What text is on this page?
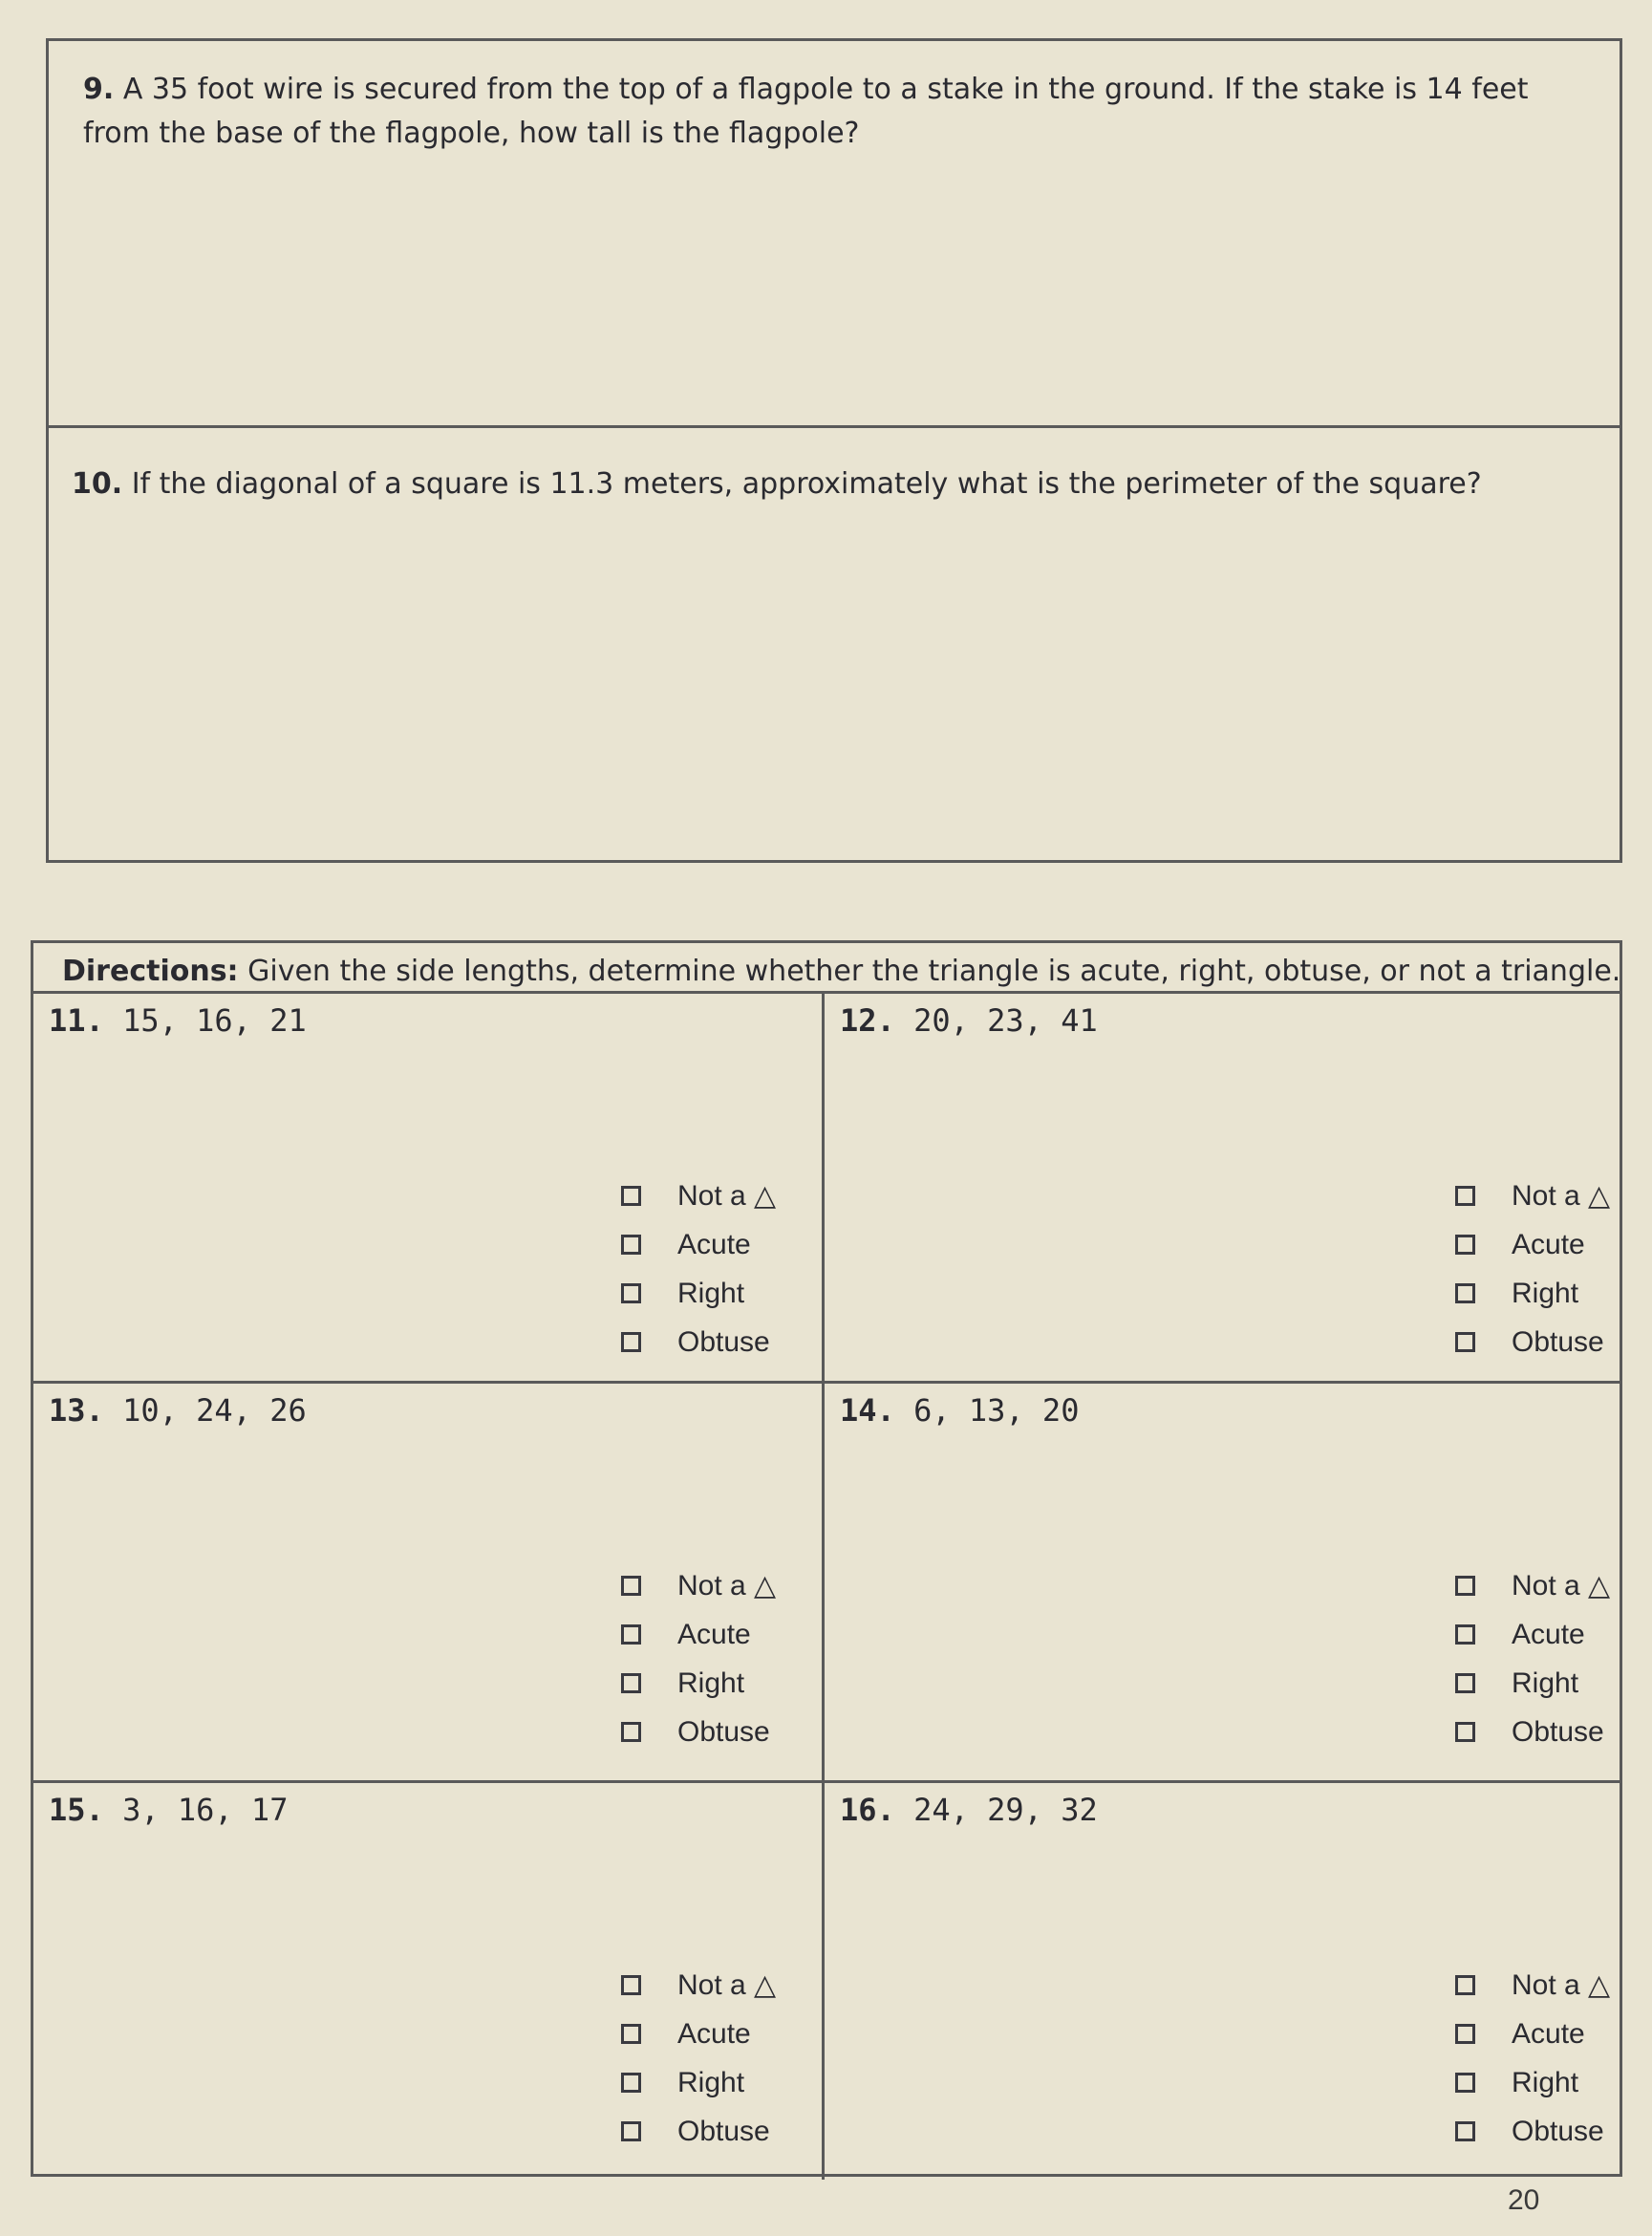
9. A 35 foot wire is secured from the top of a flagpole to a stake in the ground. If the stake is 14 feet from the base of the flagpole, how tall is the flagpole?
10. If the diagonal of a square is 11.3 meters, approximately what is the perimeter of the square?
Directions: Given the side lengths, determine whether the triangle is acute, right, obtuse, or not a triangle.
11. 15, 16, 21
Not a △
Acute
Right
Obtuse
12. 20, 23, 41
Not a △
Acute
Right
Obtuse
13. 10, 24, 26
Not a △
Acute
Right
Obtuse
14. 6, 13, 20
Not a △
Acute
Right
Obtuse
15. 3, 16, 17
Not a △
Acute
Right
Obtuse
16. 24, 29, 32
Not a △
Acute
Right
Obtuse
20
